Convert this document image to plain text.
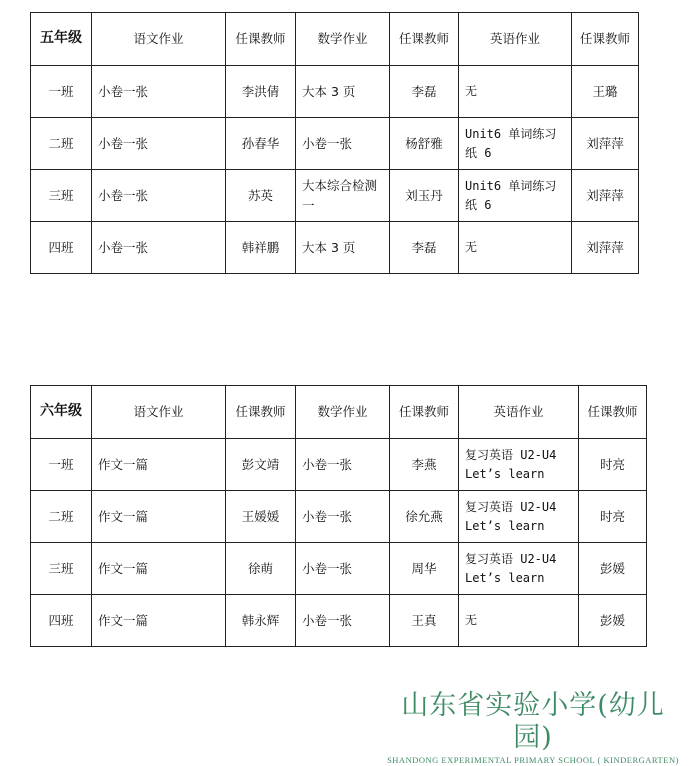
五年级	语文作业	任课教师	数学作业	任课教师	英语作业	任课教师
一班	小卷一张	李洪倩	大本 3 页	李磊	无	王璐
二班	小卷一张	孙春华	小卷一张	杨舒雅	Unit6 单词练习纸 6	刘萍萍
三班	小卷一张	苏英	大本综合检测一	刘玉丹	Unit6 单词练习纸 6	刘萍萍
四班	小卷一张	韩祥鹏	大本 3 页	李磊	无	刘萍萍
六年级	语文作业	任课教师	数学作业	任课教师	英语作业	任课教师
一班	作文一篇	彭文靖	小卷一张	李燕	复习英语 U2-U4 Let’s learn	时亮
二班	作文一篇	王媛媛	小卷一张	徐允燕	复习英语 U2-U4 Let’s learn	时亮
三班	作文一篇	徐萌	小卷一张	周华	复习英语 U2-U4 Let’s learn	彭媛
四班	作文一篇	韩永辉	小卷一张	王真	无	彭媛
山东省实验小学(幼儿园)
SHANDONG EXPERIMENTAL PRIMARY SCHOOL ( KINDERGARTEN)
